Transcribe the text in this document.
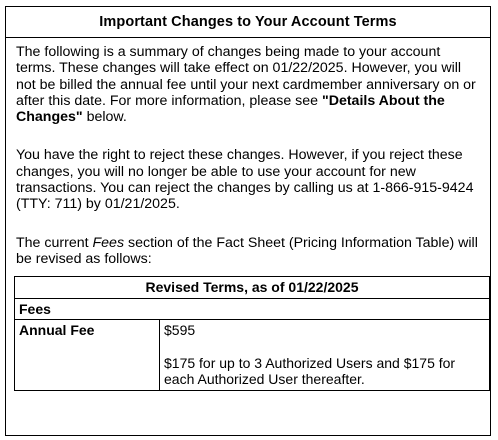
Important Changes to Your Account Terms

The following is a summary of changes being made to your account terms. These changes will take effect on 01/22/2025. However, you will not be billed the annual fee until your next cardmember anniversary on or after this date. For more information, please see "Details About the Changes" below.

You have the right to reject these changes. However, if you reject these changes, you will no longer be able to use your account for new transactions. You can reject the changes by calling us at 1-866-915-9424 (TTY: 711) by 01/21/2025.

The current Fees section of the Fact Sheet (Pricing Information Table) will be revised as follows:

Revised Terms, as of 01/22/2025
Fees
Annual Fee	$595

$175 for up to 3 Authorized Users and $175 for each Authorized User thereafter.
